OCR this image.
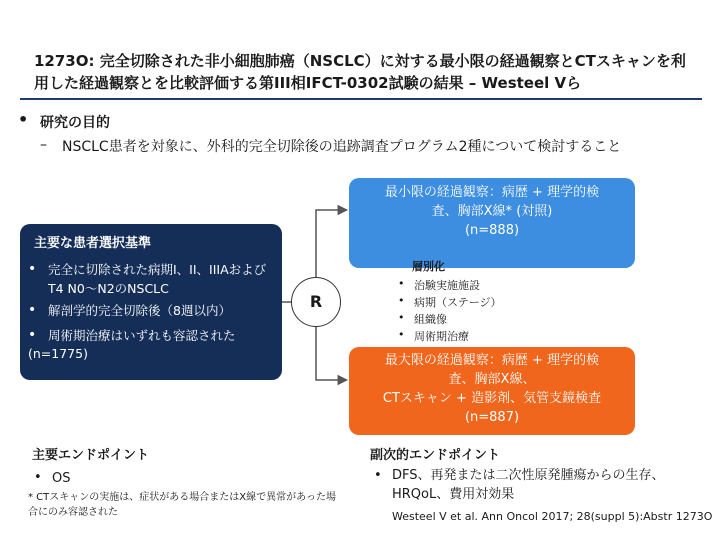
1273O: 完全切除された非小細胞肺癌（NSCLC）に対する最小限の経過観察とCTスキャンを利用した経過観察とを比較評価する第III相IFCT-0302試験の結果 – Westeel Vら
• 研究の目的
– NSCLC患者を対象に、外科的完全切除後の追跡調査プログラム2種について検討すること
最小限の経過観察：病歴 + 理学的検
査、胸部X線* (対照)
(n=888)
主要な患者選択基準
• 完全に切除された病期I、II、IIIAおよびT4 N0～N2のNSCLC
• 解剖学的完全切除後（8週以内）
• 周術期治療はいずれも容認された
(n=1775)
R
層別化
• 治験実施施設
• 病期（ステージ）
• 組織像
• 周術期治療
最大限の経過観察：病歴 + 理学的検
査、胸部X線、
CTスキャン + 造影剤、気管支鏡検査
(n=887)
主要エンドポイント
• OS
* CTスキャンの実施は、症状がある場合またはX線で異常があった場合にのみ容認された
副次的エンドポイント
• DFS、再発または二次性原発腫瘍からの生存、
HRQoL、費用対効果
Westeel V et al. Ann Oncol 2017; 28(suppl 5):Abstr 1273O
